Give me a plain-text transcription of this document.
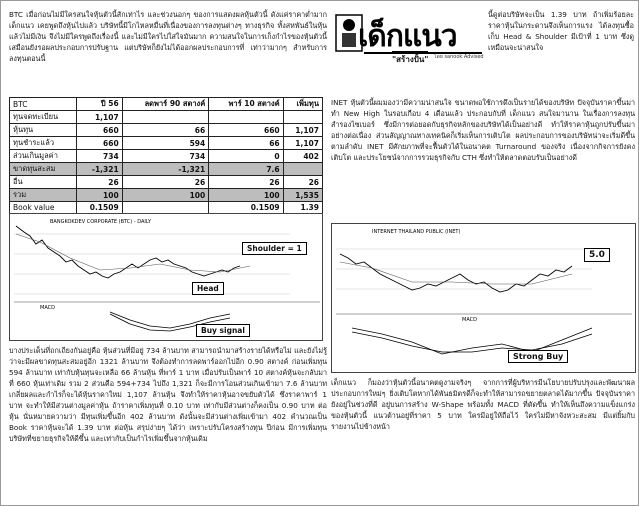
BTC เมื่อก่อนไม่มีใครสนใจหุ้นตัวนี้สักเท่าไร และช่วงนอกๆ ของการแสดงผลหุ้นตัวนี้ ดังแค่ราคาต่ำมาก เด็กแนว เคยพูดถึงหุ้นไปแล้ว บริษัทนี้มีโกไหลหมื่นที่เนื่องของการลงทุนต่างๆ ทางธุรกิจ ทั้งสหพันธ์ในหุ้นแล้วไม่มีเงิน จึงไม่มีใครพูดถึงเรื่องนี้ และไม่มีใครไปใส่ใจมันมาก ความสนใจในการเก็งกำไรของหุ้นตัวนี้ เสมือนยังรอผลประกอบการปรับฐาน แต่บริษัทก็ยังไม่ได้ออกผลประกอบการที่ เท่าว่ามากๆ สำหรับการลงทุนตอนนี้
เด็กแนว
"สร้างปั้น" โดย sanook Advised
นี้ดูต่อบริษัทจะเป็น 1.39 บาท ถ้าเพิ่มร้อยละ ราคาหุ้นในกระดานจึงเห็นการแรง ได้ลงทุนซื้อเก็บ Head & Shoulder มีเป้าที่ 1 บาท ซึ่งดูเหมือนจะน่าสนใจ
INET หุ้นตัวนี้ผมมองว่ามีความน่าสนใจ ขนาดพอใช้การดึงเป็นรายได้ของบริษัท ปัจจุบันราคาขึ้นมาทำ New High ในรอบเกือบ 4 เดือนแล้ว ประกอบกับที่ เด็กแนว สนใจมานาน ในเรื่องการลงทุนสำรองไซเบอร์ ซึ่งมีการต่อยอดกับธุรกิจหลักของบริษัทได้เป็นอย่างดี ทำให้ราคาหุ้นถูกปรับขึ้นมาอย่างต่อเนื่อง ส่วนสัญญาณทางเทคนิคก็เริ่มเห็นการเติบโต ผลประกอบการของบริษัทน่าจะเริ่มดีขึ้นตามลำดับ INET มีศักยภาพที่จะฟื้นตัวได้ในอนาคต Turnaround ของจริง เนื่องจากกิจการยังคงเติบโต และประโยชน์จากการรวมธุรกิจกับ CTH ซึ่งทำให้ตลาดตอบรับเป็นอย่างดี
BTC	ปี 56	ลดพาร์ 90 สตางค์	พาร์ 10 สตางค์	เพิ่มทุน
ทุนจดทะเบียน	1,107			
หุ้นทุน	660	66	660	1,107
ทุนชำระแล้ว	660	594	66	1,107
ส่วนเกินมูลค่า	734	734	0	402
ขาดทุนสะสม	-1,321	-1,321	7.6	
อื่น	26	26	26	26
รวม	100	100	100	1,535
Book value	0.1509		0.1509	1.39
BANGKOKDEV CORPORATE (BTC) - DAILY
MACD
Shoulder = 1
Head
Buy signal
บางประเด็นที่ถกเถียงกันอยู่คือ หุ้นส่วนที่มีอยู่ 734 ล้านบาท สามารถนำมาสร้างรายได้หรือไม่ และยังไม่รู้ว่าจะมีผลขาดทุนสะสมอยู่อีก 1321 ล้านบาท จึงต้องทำการลดพาร์ออกไปอีก 0.90 สตางค์ ก่อนเพิ่มทุน 594 ล้านบาท เท่ากับหุ้นทุนจะเหลือ 66 ล้านหุ้น ที่พาร์ 1 บาท เมื่อปรับเป็นพาร์ 10 สตางค์หุ้นจะกลับมาที่ 660 หุ้นเท่าเดิม รวม 2 ส่วนคือ 594+734 ไปถึง 1,321 ก็จะมีการโอนส่วนเกินเข้ามา 7.6 ล้านบาท เกลี่ยผลและกำไรก็จะได้หุ้นราคาใหม่ 1,107 ล้านหุ้น จึงทำให้ราคาหุ้นอาจขยับตัวได้ ซึ่งราคาพาร์ 1 บาท จะทำให้มีส่วนต่างมูลค่าหุ้น ถ้าราคาเพิ่มทุนที่ 0.10 บาท เท่ากับมีส่วนต่างก็คงเป็น 0.90 บาท ต่อหุ้น นั่นหมายความว่า มีทุนเพิ่มขึ้นอีก 402 ล้านบาท ดังนั้นจะมีส่วนต่างเพิ่มเข้ามา 402 คำนวณเป็น Book ราคาหุ้นจะได้ 1.39 บาท ต่อหุ้น สรุปง่ายๆ ได้ว่า เพราะปรับโครงสร้างทุน ปีก่อน มีการเพิ่มทุนบริษัทที่ขยายธุรกิจให้ดีขึ้น และเท่ากับเป็นกำไรเพิ่มขึ้นจากหุ้นเดิม
INTERNET THAILAND PUBLIC (INET)
MACD
5.0
Strong Buy
เด็กแนว ก็มองว่าหุ้นตัวนี้อนาคตดูงามจริงๆ จากการที่ผู้บริหารมีนโยบายปรับปรุงและพัฒนาผลประกอบการใหม่ๆ ยิ่งเติบโตหากได้พันธมิตรดีก็จะทำให้สามารถขยายตลาดได้มากขึ้น ปัจจุบันราคายังอยู่ในช่วงที่ดี อยู่บนการสร้าง W-Shape พร้อมทั้ง MACD ที่ตัดขึ้น ทำให้เห็นถึงความแข็งแกร่งของหุ้นตัวนี้ แนวต้านอยู่ที่ราคา 5 บาท ใครมีอยู่ให้ถือไว้ ใครไม่มีหาจังหวะสะสม มีแต่ยิ้มกับ รายงานไปข้างหน้า
